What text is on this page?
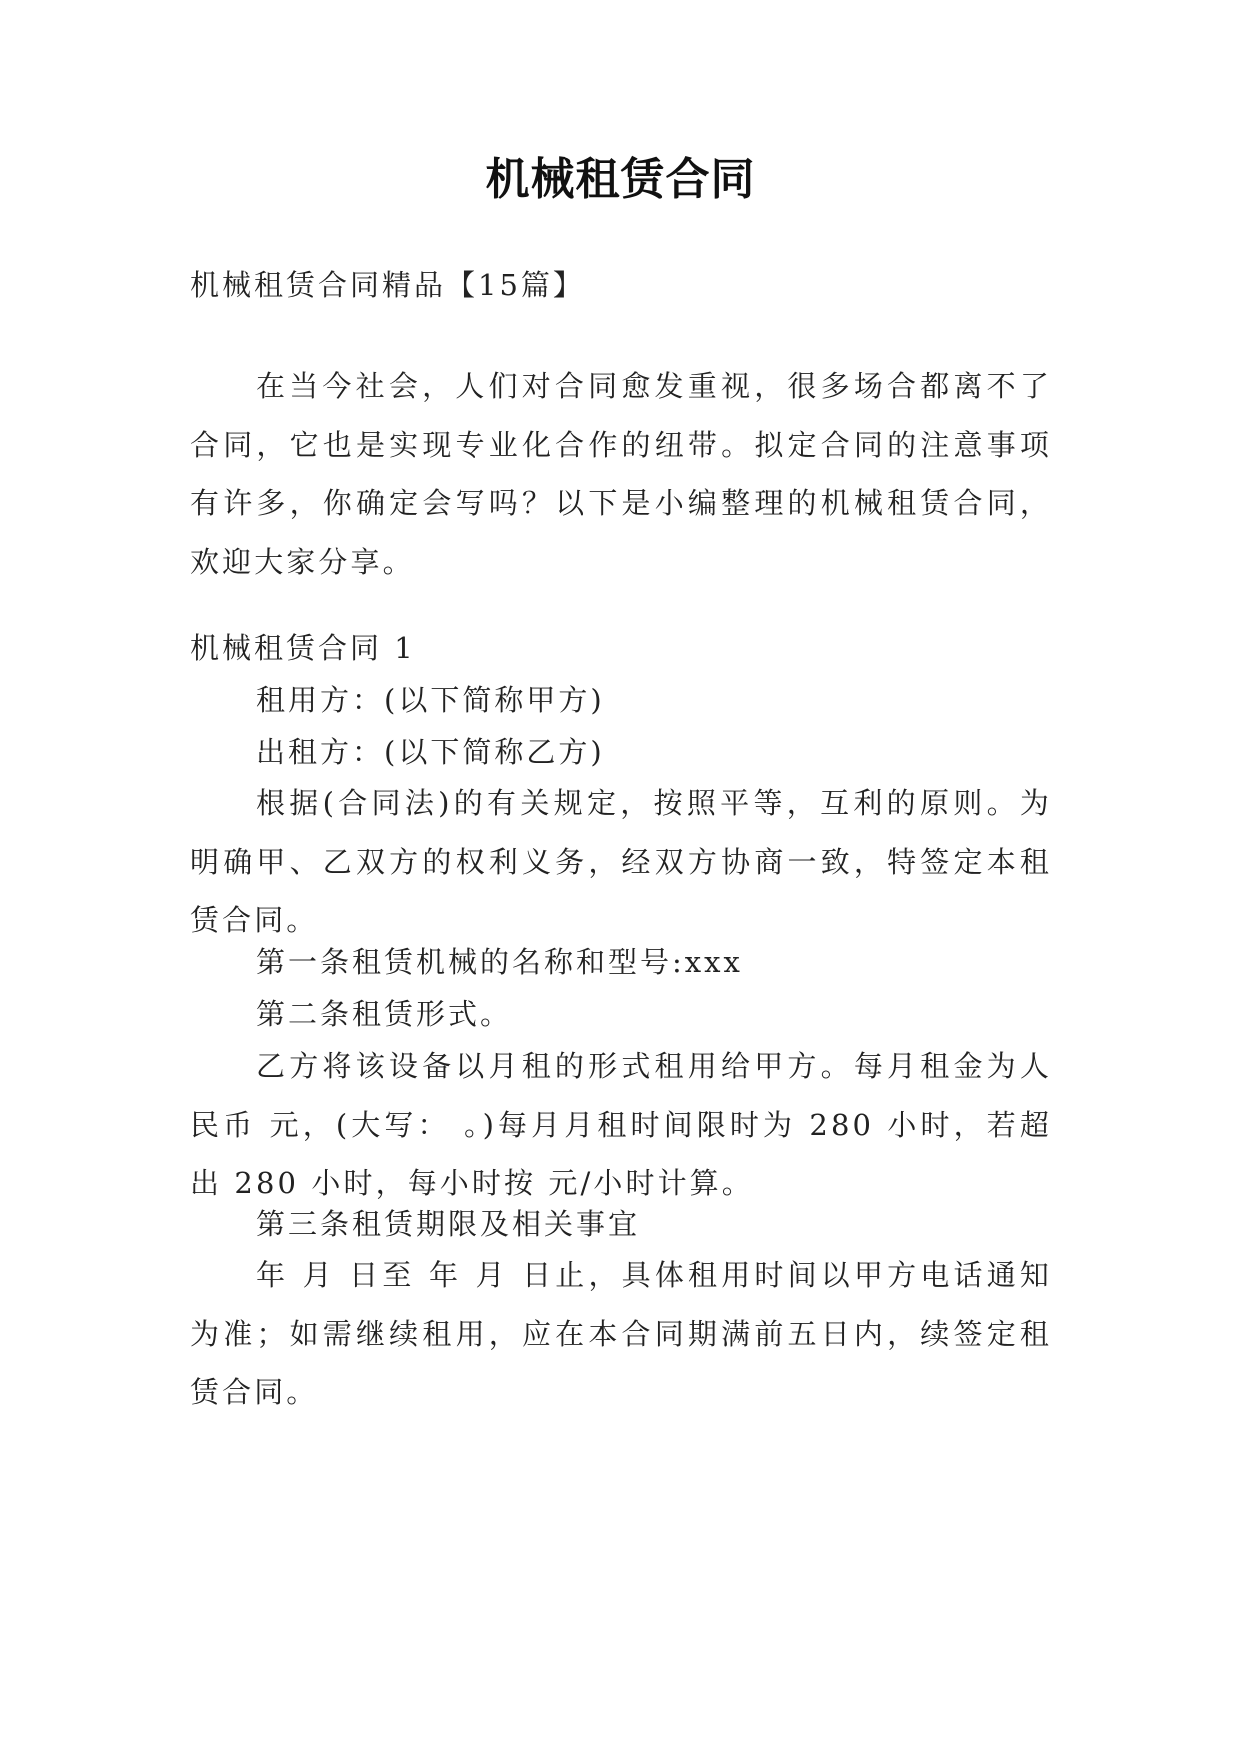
机械租赁合同
机械租赁合同精品【15篇】
在当今社会，人们对合同愈发重视，很多场合都离不了合同，它也是实现专业化合作的纽带。拟定合同的注意事项有许多，你确定会写吗？以下是小编整理的机械租赁合同，欢迎大家分享。
机械租赁合同 1
租用方：(以下简称甲方)
出租方：(以下简称乙方)
根据(合同法)的有关规定，按照平等，互利的原则。为明确甲、乙双方的权利义务，经双方协商一致，特签定本租赁合同。
第一条租赁机械的名称和型号:xxx
第二条租赁形式。
乙方将该设备以月租的形式租用给甲方。每月租金为人民币 元，(大写： 。)每月月租时间限时为 280 小时，若超出 280 小时，每小时按 元/小时计算。
第三条租赁期限及相关事宜
年 月 日至 年 月 日止，具体租用时间以甲方电话通知为准；如需继续租用，应在本合同期满前五日内，续签定租赁合同。
